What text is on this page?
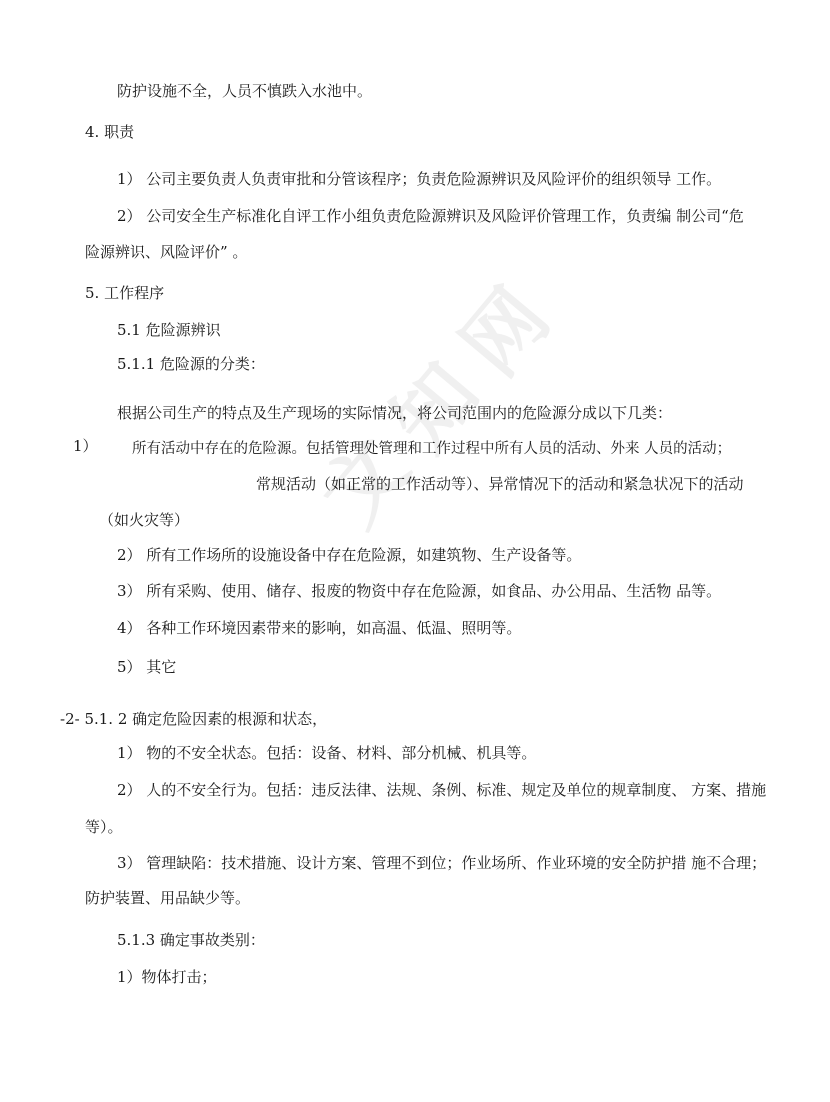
防护设施不全，人员不慎跌入水池中。
4. 职责
1） 公司主要负责人负责审批和分管该程序；负责危险源辨识及风险评价的组织领导 工作。
2） 公司安全生产标准化自评工作小组负责危险源辨识及风险评价管理工作，负责编 制公司“危
险源辨识、风险评价” 。
5. 工作程序
5.1 危险源辨识
5.1.1 危险源的分类：
根据公司生产的特点及生产现场的实际情况，将公司范围内的危险源分成以下几类：
1） 所有活动中存在的危险源。包括管理处管理和工作过程中所有人员的活动、外来 人员的活动；
常规活动（如正常的工作活动等）、异常情况下的活动和紧急状况下的活动
（如火灾等）
2） 所有工作场所的设施设备中存在危险源，如建筑物、生产设备等。
3） 所有采购、使用、储存、报废的物资中存在危险源，如食品、办公用品、生活物 品等。
4） 各种工作环境因素带来的影响，如高温、低温、照明等。
5） 其它
-2- 5.1. 2 确定危险因素的根源和状态，
1） 物的不安全状态。包括：设备、材料、部分机械、机具等。
2） 人的不安全行为。包括：违反法律、法规、条例、标准、规定及单位的规章制度、 方案、措施
等）。
3） 管理缺陷：技术措施、设计方案、管理不到位；作业场所、作业环境的安全防护措 施不合理；
防护装置、用品缺少等。
5.1.3 确定事故类别：
1）物体打击；
文
知
网
